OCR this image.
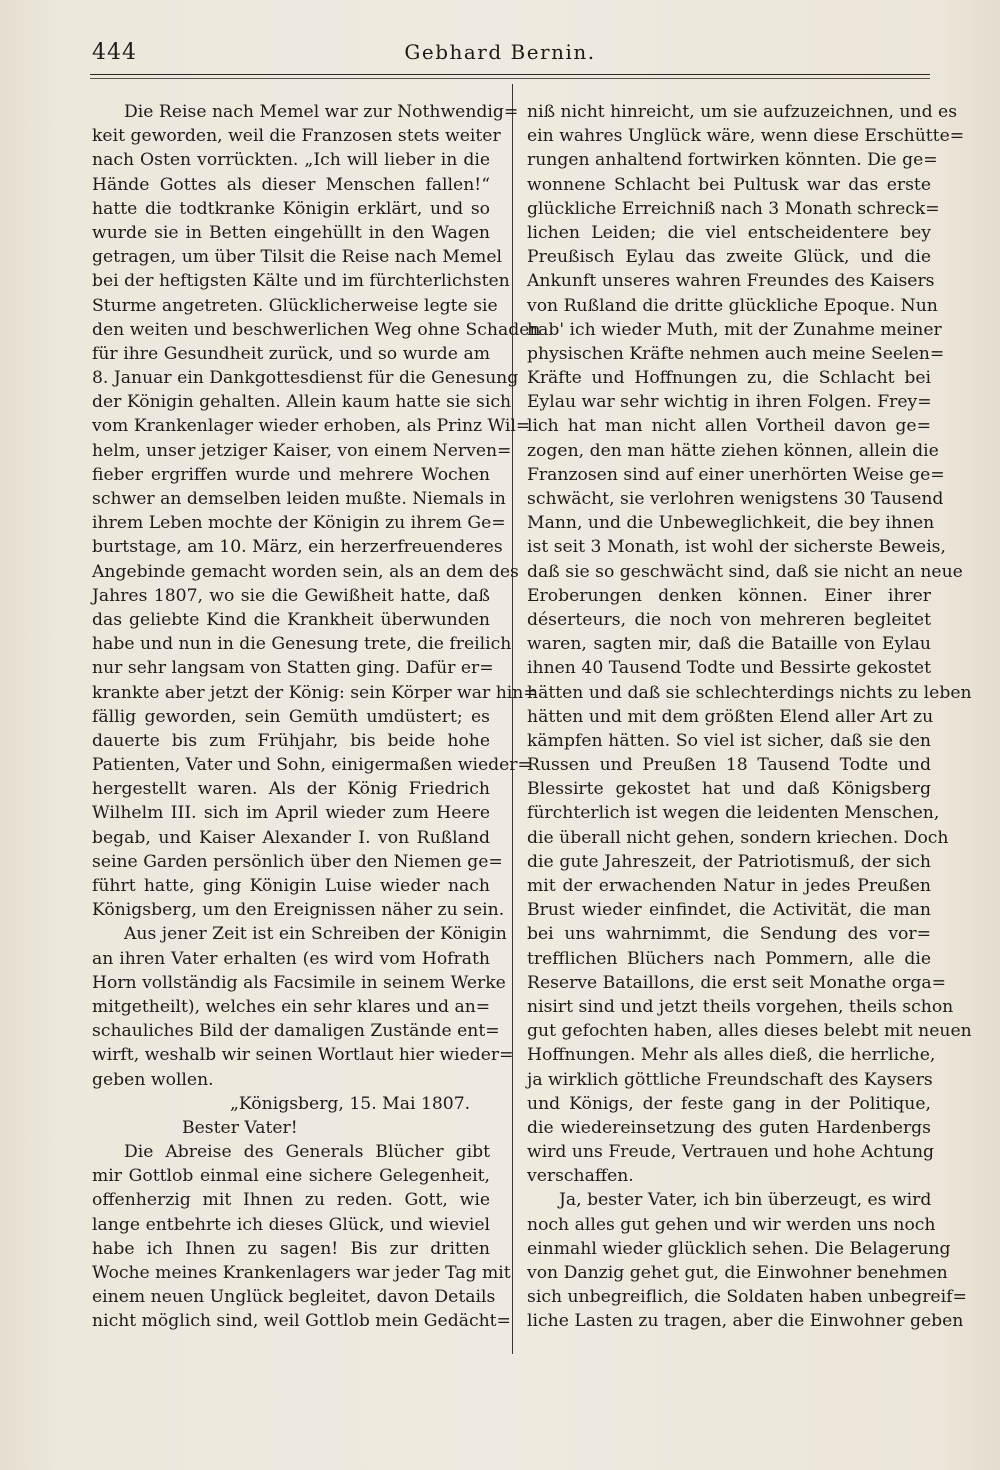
444	Gebhard Bernin.
Die Reise nach Memel war zur Nothwendig=
keit geworden, weil die Franzosen stets weiter
nach Osten vorrückten. „Ich will lieber in die
Hände Gottes als dieser Menschen fallen!“
hatte die todtkranke Königin erklärt, und so
wurde sie in Betten eingehüllt in den Wagen
getragen, um über Tilsit die Reise nach Memel
bei der heftigsten Kälte und im fürchterlichsten
Sturme angetreten. Glücklicherweise legte sie
den weiten und beschwerlichen Weg ohne Schaden
für ihre Gesundheit zurück, und so wurde am
8. Januar ein Dankgottesdienst für die Genesung
der Königin gehalten. Allein kaum hatte sie sich
vom Krankenlager wieder erhoben, als Prinz Wil=
helm, unser jetziger Kaiser, von einem Nerven=
fieber ergriffen wurde und mehrere Wochen
schwer an demselben leiden mußte. Niemals in
ihrem Leben mochte der Königin zu ihrem Ge=
burtstage, am 10. März, ein herzerfreuenderes
Angebinde gemacht worden sein, als an dem des
Jahres 1807, wo sie die Gewißheit hatte, daß
das geliebte Kind die Krankheit überwunden
habe und nun in die Genesung trete, die freilich
nur sehr langsam von Statten ging. Dafür er=
krankte aber jetzt der König: sein Körper war hin=
fällig geworden, sein Gemüth umdüstert; es
dauerte bis zum Frühjahr, bis beide hohe
Patienten, Vater und Sohn, einigermaßen wieder=
hergestellt waren. Als der König Friedrich
Wilhelm III. sich im April wieder zum Heere
begab, und Kaiser Alexander I. von Rußland
seine Garden persönlich über den Niemen ge=
führt hatte, ging Königin Luise wieder nach
Königsberg, um den Ereignissen näher zu sein.
Aus jener Zeit ist ein Schreiben der Königin
an ihren Vater erhalten (es wird vom Hofrath
Horn vollständig als Facsimile in seinem Werke
mitgetheilt), welches ein sehr klares und an=
schauliches Bild der damaligen Zustände ent=
wirft, weshalb wir seinen Wortlaut hier wieder=
geben wollen.
„Königsberg, 15. Mai 1807.
Bester Vater!
Die Abreise des Generals Blücher gibt
mir Gottlob einmal eine sichere Gelegenheit,
offenherzig mit Ihnen zu reden. Gott, wie
lange entbehrte ich dieses Glück, und wieviel
habe ich Ihnen zu sagen! Bis zur dritten
Woche meines Krankenlagers war jeder Tag mit
einem neuen Unglück begleitet, davon Details
nicht möglich sind, weil Gottlob mein Gedächt=
niß nicht hinreicht, um sie aufzuzeichnen, und es
ein wahres Unglück wäre, wenn diese Erschütte=
rungen anhaltend fortwirken könnten. Die ge=
wonnene Schlacht bei Pultusk war das erste
glückliche Erreichniß nach 3 Monath schreck=
lichen Leiden; die viel entscheidentere bey
Preußisch Eylau das zweite Glück, und die
Ankunft unseres wahren Freundes des Kaisers
von Rußland die dritte glückliche Epoque. Nun
hab' ich wieder Muth, mit der Zunahme meiner
physischen Kräfte nehmen auch meine Seelen=
Kräfte und Hoffnungen zu, die Schlacht bei
Eylau war sehr wichtig in ihren Folgen. Frey=
lich hat man nicht allen Vortheil davon ge=
zogen, den man hätte ziehen können, allein die
Franzosen sind auf einer unerhörten Weise ge=
schwächt, sie verlohren wenigstens 30 Tausend
Mann, und die Unbeweglichkeit, die bey ihnen
ist seit 3 Monath, ist wohl der sicherste Beweis,
daß sie so geschwächt sind, daß sie nicht an neue
Eroberungen denken können. Einer ihrer
déserteurs, die noch von mehreren begleitet
waren, sagten mir, daß die Bataille von Eylau
ihnen 40 Tausend Todte und Bessirte gekostet
hätten und daß sie schlechterdings nichts zu leben
hätten und mit dem größten Elend aller Art zu
kämpfen hätten. So viel ist sicher, daß sie den
Russen und Preußen 18 Tausend Todte und
Blessirte gekostet hat und daß Königsberg
fürchterlich ist wegen die leidenten Menschen,
die überall nicht gehen, sondern kriechen. Doch
die gute Jahreszeit, der Patriotismuß, der sich
mit der erwachenden Natur in jedes Preußen
Brust wieder einfindet, die Activität, die man
bei uns wahrnimmt, die Sendung des vor=
trefflichen Blüchers nach Pommern, alle die
Reserve Bataillons, die erst seit Monathe orga=
nisirt sind und jetzt theils vorgehen, theils schon
gut gefochten haben, alles dieses belebt mit neuen
Hoffnungen. Mehr als alles dieß, die herrliche,
ja wirklich göttliche Freundschaft des Kaysers
und Königs, der feste gang in der Politique,
die wiedereinsetzung des guten Hardenbergs
wird uns Freude, Vertrauen und hohe Achtung
verschaffen.
Ja, bester Vater, ich bin überzeugt, es wird
noch alles gut gehen und wir werden uns noch
einmahl wieder glücklich sehen. Die Belagerung
von Danzig gehet gut, die Einwohner benehmen
sich unbegreiflich, die Soldaten haben unbegreif=
liche Lasten zu tragen, aber die Einwohner geben
